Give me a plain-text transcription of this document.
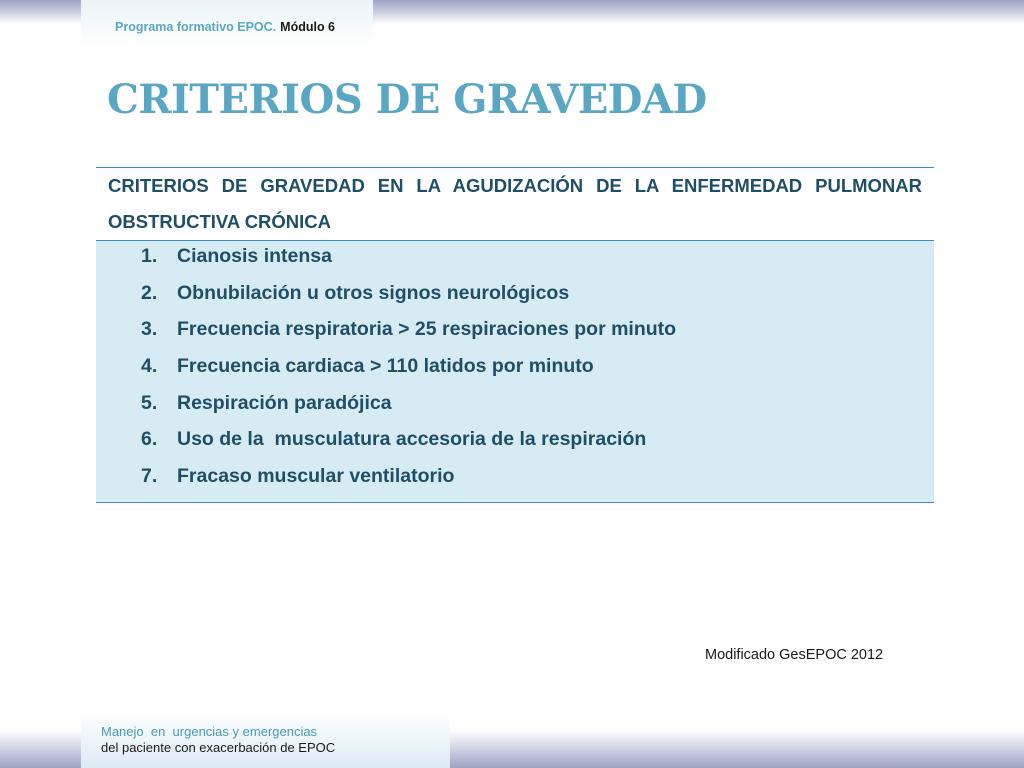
Programa formativo EPOC. Módulo 6
CRITERIOS DE GRAVEDAD
CRITERIOS DE GRAVEDAD EN LA AGUDIZACIÓN DE LA ENFERMEDAD PULMONAR OBSTRUCTIVA CRÓNICA
1. Cianosis intensa
2. Obnubilación u otros signos neurológicos
3. Frecuencia respiratoria > 25 respiraciones por minuto
4. Frecuencia cardiaca > 110 latidos por minuto
5. Respiración paradójica
6. Uso de la  musculatura accesoria de la respiración
7. Fracaso muscular ventilatorio
Modificado GesEPOC 2012
Manejo  en  urgencias y emergencias
del paciente con exacerbación de EPOC
